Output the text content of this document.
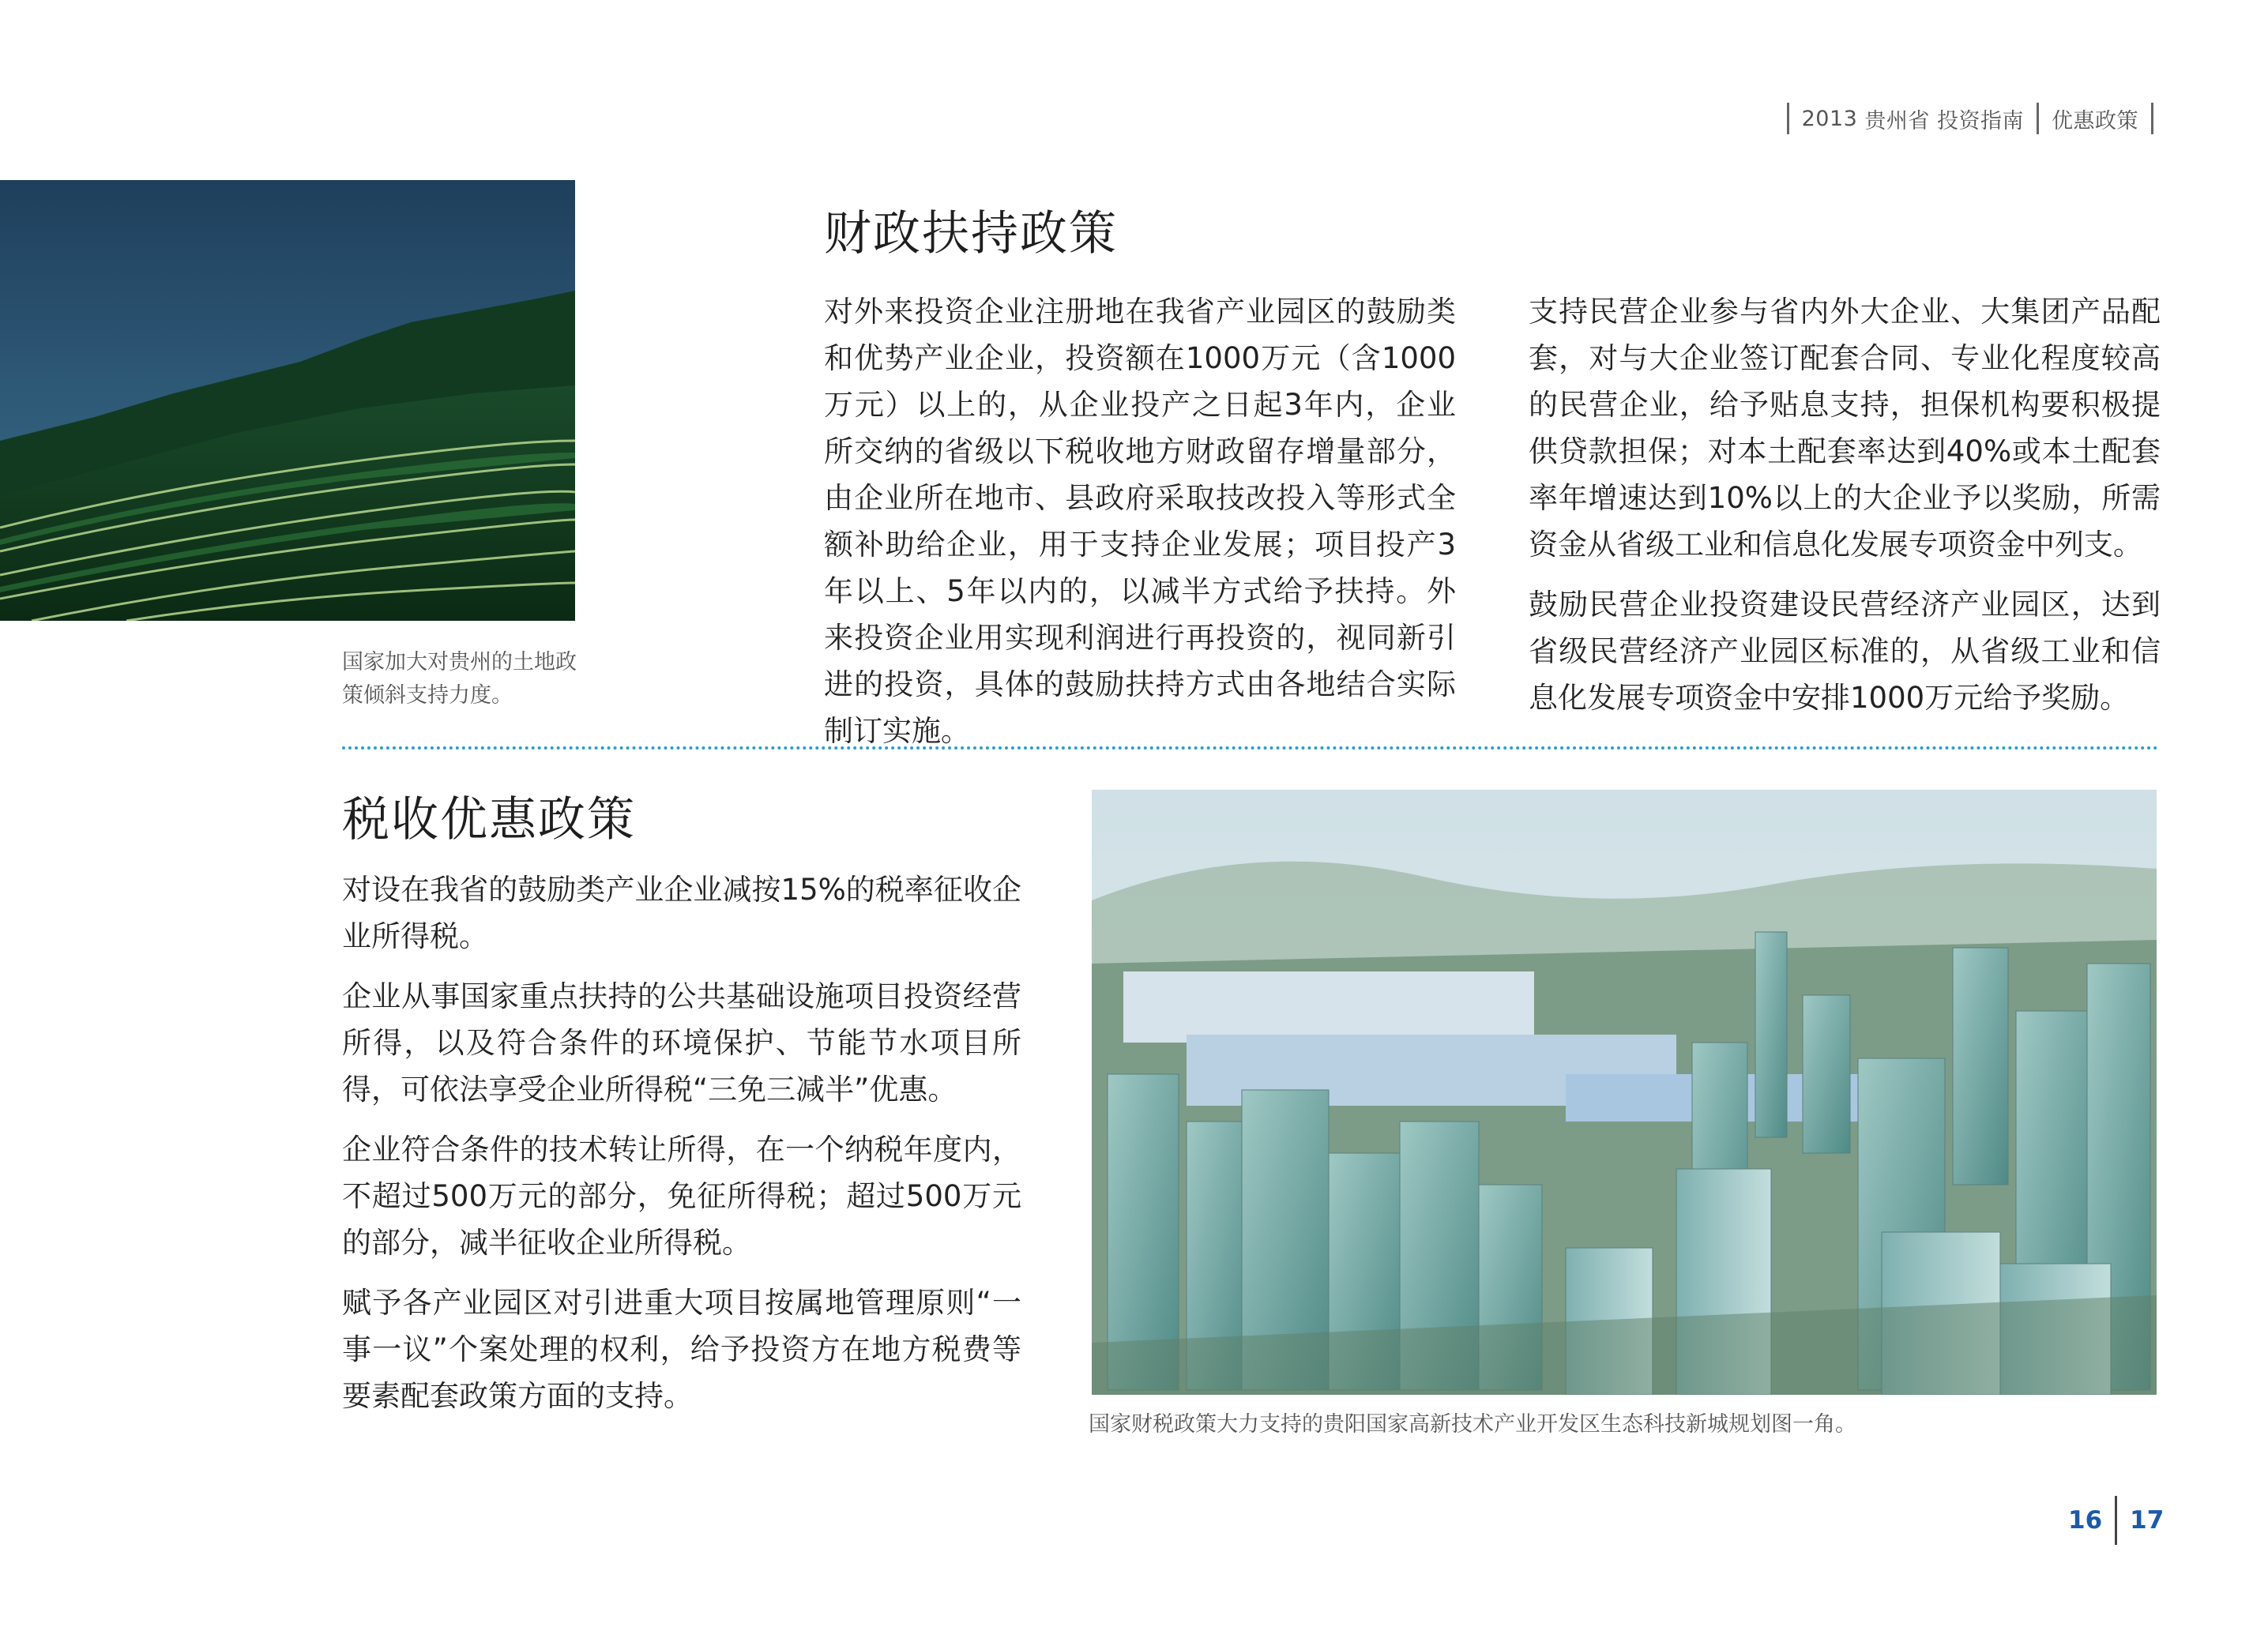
2013
贵州省
投资指南 优惠政策
国家加大对贵州的土地政策倾斜支持力度。
财政扶持政策

对外来投资企业注册地在我省产业园区的鼓励类和优势产业企业，投资额在1000万元（含1000万元）以上的，从企业投产之日起3年内，企业所交纳的省级以下税收地方财政留存增量部分，由企业所在地市、县政府采取技改投入等形式全额补助给企业，用于支持企业发展；项目投产3年以上、5年以内的，以减半方式给予扶持。外来投资企业用实现利润进行再投资的，视同新引进的投资，具体的鼓励扶持方式由各地结合实际制订实施。

支持民营企业参与省内外大企业、大集团产品配套，对与大企业签订配套合同、专业化程度较高的民营企业，给予贴息支持，担保机构要积极提供贷款担保；对本土配套率达到40%或本土配套率年增速达到10%以上的大企业予以奖励，所需资金从省级工业和信息化发展专项资金中列支。

鼓励民营企业投资建设民营经济产业园区，达到省级民营经济产业园区标准的，从省级工业和信息化发展专项资金中安排1000万元给予奖励。

税收优惠政策

对设在我省的鼓励类产业企业减按15%的税率征收企业所得税。

企业从事国家重点扶持的公共基础设施项目投资经营所得，以及符合条件的环境保护、节能节水项目所得，可依法享受企业所得税“三免三减半”优惠。

企业符合条件的技术转让所得，在一个纳税年度内，不超过500万元的部分，免征所得税；超过500万元的部分，减半征收企业所得税。

赋予各产业园区对引进重大项目按属地管理原则“一事一议”个案处理的权利，给予投资方在地方税费等要素配套政策方面的支持。

国家财税政策大力支持的贵阳国家高新技术产业开发区生态科技新城规划图一角。
16 17
